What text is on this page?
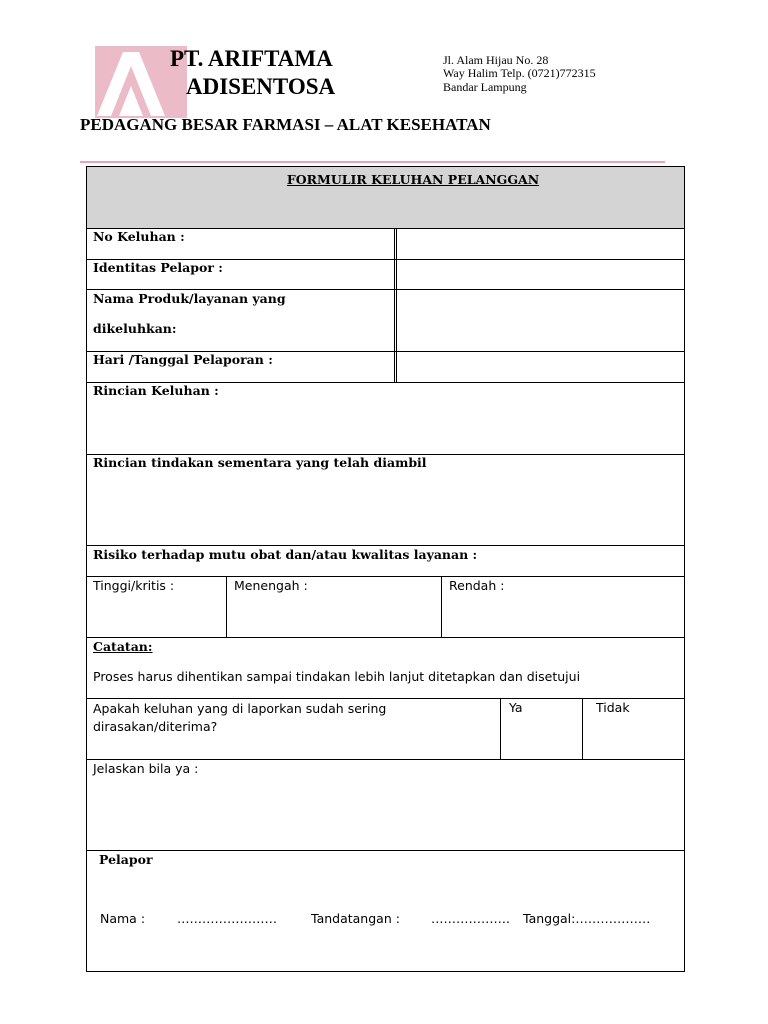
PT. ARIFTAMA
ADISENTOSA
Jl. Alam Hijau No. 28
Way Halim Telp. (0721)772315
Bandar Lampung
PEDAGANG BESAR FARMASI – ALAT KESEHATAN
FORMULIR KELUHAN PELANGGAN
No Keluhan :
Identitas Pelapor :
Nama Produk/layanan yang
dikeluhkan:
Hari /Tanggal Pelaporan :
Rincian Keluhan :
Rincian tindakan sementara yang telah diambil
Risiko terhadap mutu obat dan/atau kwalitas layanan :
Tinggi/kritis :	Menengah :	Rendah :
Catatan:
Proses harus dihentikan sampai tindakan lebih lanjut ditetapkan dan disetujui
Apakah keluhan yang di laporkan sudah sering
dirasakan/diterima?
Ya	Tidak
Jelaskan bila ya :
Pelapor
Nama :	……………………	Tandatangan : ………………. Tanggal:………………
